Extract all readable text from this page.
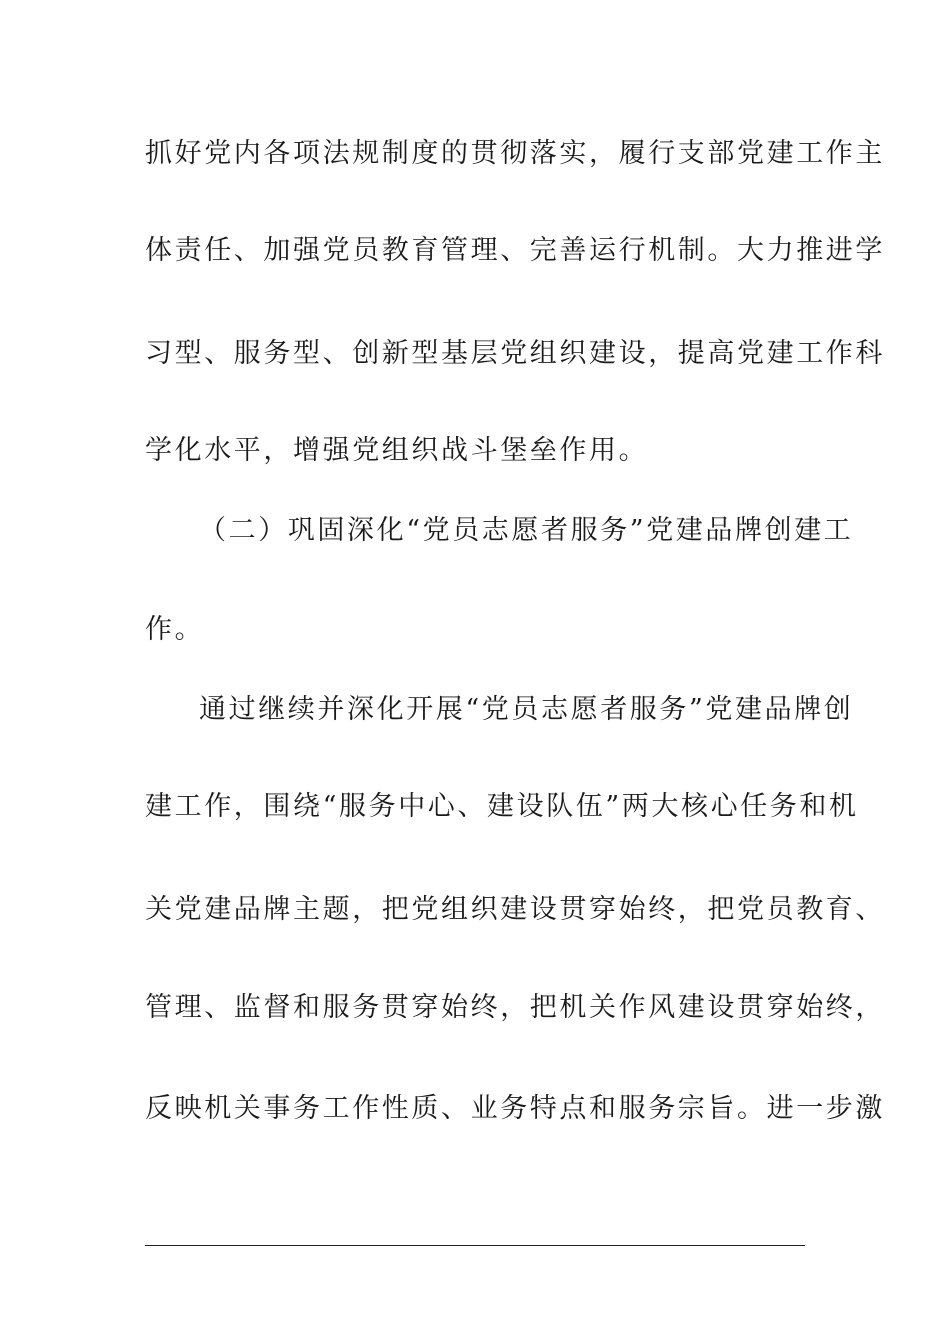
抓好党内各项法规制度的贯彻落实，履行支部党建工作主
体责任、加强党员教育管理、完善运行机制。大力推进学
习型、服务型、创新型基层党组织建设，提高党建工作科
学化水平，增强党组织战斗堡垒作用。
（二）巩固深化“党员志愿者服务”党建品牌创建工
作。
通过继续并深化开展“党员志愿者服务”党建品牌创
建工作，围绕“服务中心、建设队伍”两大核心任务和机
关党建品牌主题，把党组织建设贯穿始终，把党员教育、
管理、监督和服务贯穿始终，把机关作风建设贯穿始终，
反映机关事务工作性质、业务特点和服务宗旨。进一步激
